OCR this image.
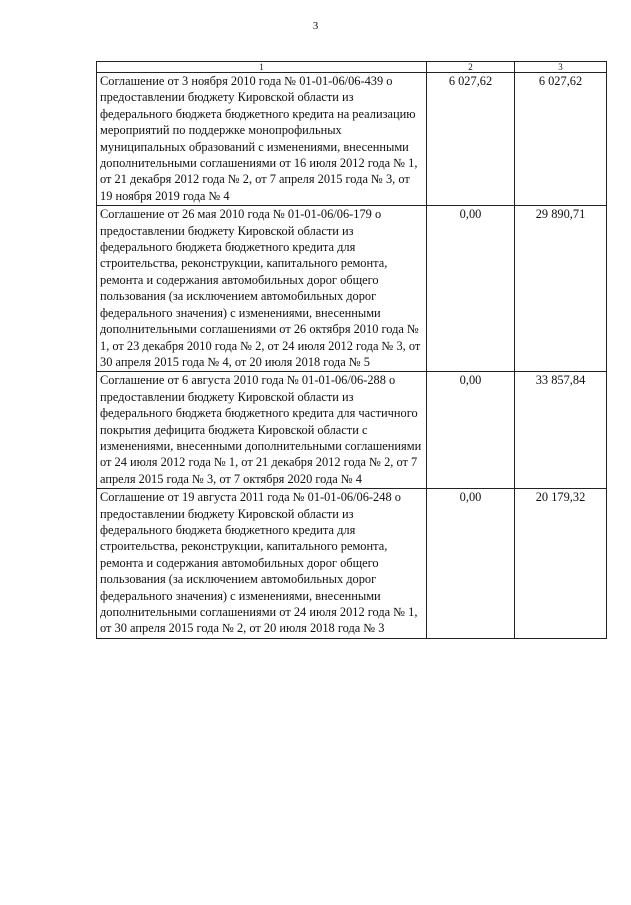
3
1	2	3
Соглашение от 3 ноября 2010 года № 01-01-06/06-439 о предоставлении бюджету Кировской области из федерального бюджета бюджетного кредита на реализацию мероприятий по поддержке монопрофильных муниципальных образований с изменениями, внесенными дополнительными соглашениями от 16 июля 2012 года № 1, от 21 декабря 2012 года № 2, от 7 апреля 2015 года № 3, от 19 ноября 2019 года № 4	6 027,62	6 027,62
Соглашение от 26 мая 2010 года № 01-01-06/06-179 о предоставлении бюджету Кировской области из федерального бюджета бюджетного кредита для строительства, реконструкции, капитального ремонта, ремонта и содержания автомобильных дорог общего пользования (за исключением автомобильных дорог федерального значения) с изменениями, внесенными дополнительными соглашениями от 26 октября 2010 года № 1, от 23 декабря 2010 года № 2, от 24 июля 2012 года № 3, от 30 апреля 2015 года № 4, от 20 июля 2018 года № 5	0,00	29 890,71
Соглашение от 6 августа 2010 года № 01-01-06/06-288 о предоставлении бюджету Кировской области из федерального бюджета бюджетного кредита для частичного покрытия дефицита бюджета Кировской области с изменениями, внесенными дополнительными соглашениями от 24 июля 2012 года № 1, от 21 декабря 2012 года № 2, от 7 апреля 2015 года № 3, от 7 октября 2020 года № 4	0,00	33 857,84
Соглашение от 19 августа 2011 года № 01-01-06/06-248 о предоставлении бюджету Кировской области из федерального бюджета бюджетного кредита для строительства, реконструкции, капитального ремонта, ремонта и содержания автомобильных дорог общего пользования (за исключением автомобильных дорог федерального значения) с изменениями, внесенными дополнительными соглашениями от 24 июля 2012 года № 1, от 30 апреля 2015 года № 2, от 20 июля 2018 года № 3	0,00	20 179,32
